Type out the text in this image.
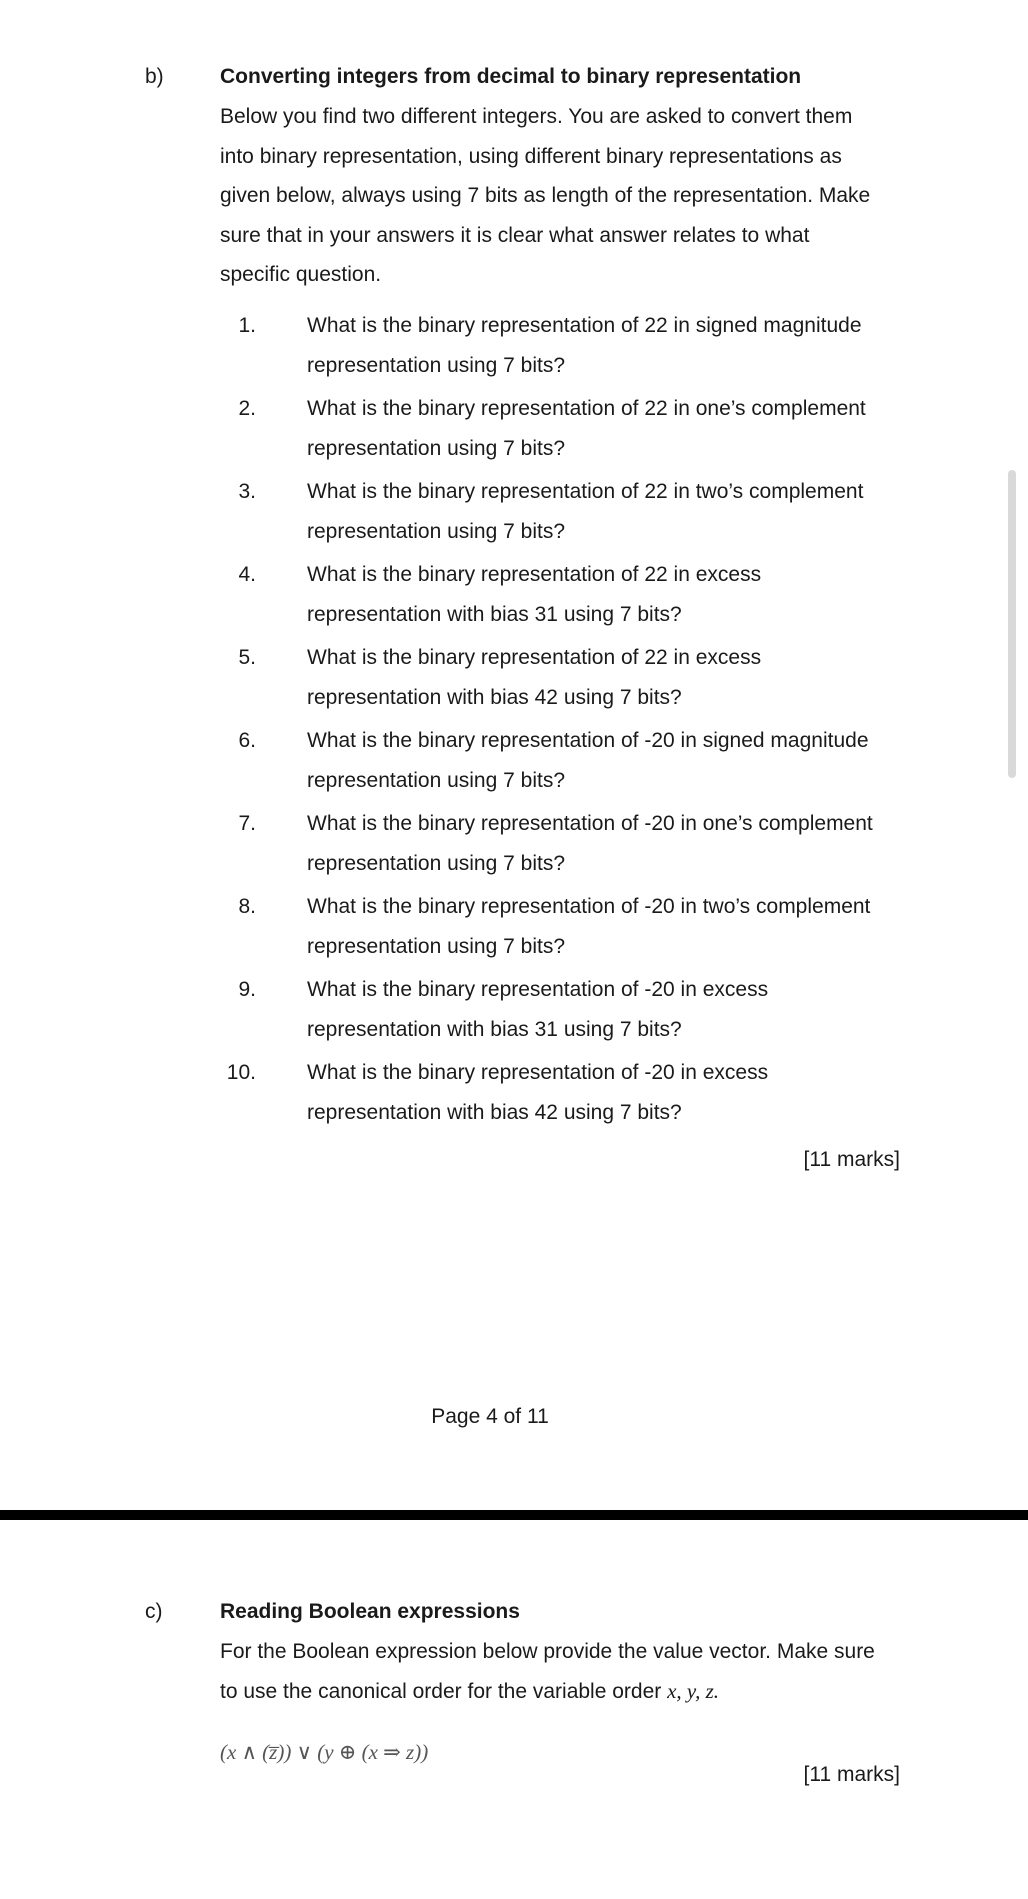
b)	Converting integers from decimal to binary representation

Below you find two different integers. You are asked to convert them

into binary representation, using different binary representations as

given below, always using 7 bits as length of the representation. Make

sure that in your answers it is clear what answer relates to what

specific question.

1. What is the binary representation of 22 in signed magnitude
representation using 7 bits?
2. What is the binary representation of 22 in one’s complement
representation using 7 bits?
3. What is the binary representation of 22 in two’s complement
representation using 7 bits?
4. What is the binary representation of 22 in excess
representation with bias 31 using 7 bits?
5. What is the binary representation of 22 in excess
representation with bias 42 using 7 bits?
6. What is the binary representation of -20 in signed magnitude
representation using 7 bits?
7. What is the binary representation of -20 in one’s complement
representation using 7 bits?
8. What is the binary representation of -20 in two’s complement
representation using 7 bits?
9. What is the binary representation of -20 in excess
representation with bias 31 using 7 bits?
10. What is the binary representation of -20 in excess
representation with bias 42 using 7 bits?
[11 marks]
Page 4 of 11
c)	Reading Boolean expressions

For the Boolean expression below provide the value vector. Make sure

to use the canonical order for the variable order x, y, z.

(x ∧ (z̅)) ∨ (y ⊕ (x ⇒ z))

[11 marks]
